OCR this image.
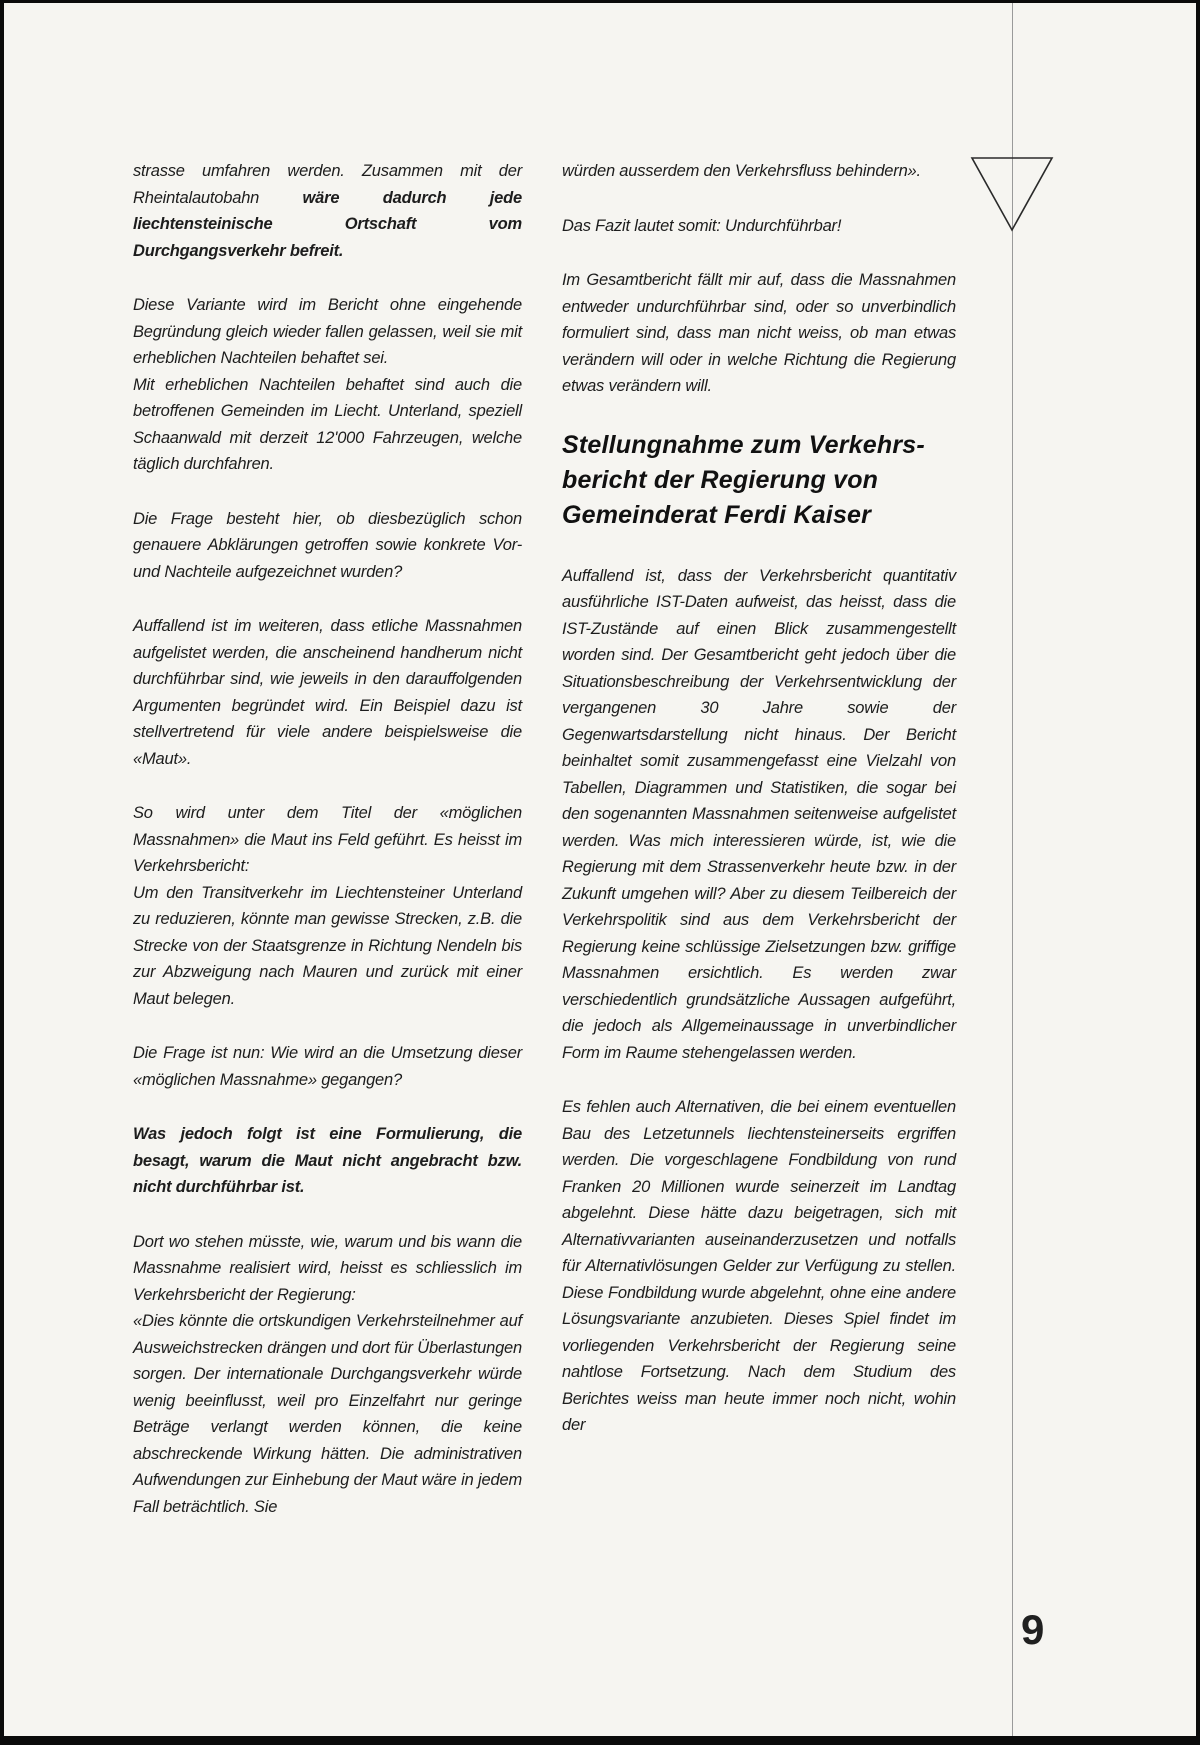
strasse umfahren werden. Zusammen mit der Rheintalautobahn wäre dadurch jede liechtensteinische Ortschaft vom Durchgangsverkehr befreit.

Diese Variante wird im Bericht ohne eingehende Begründung gleich wieder fallen gelassen, weil sie mit erheblichen Nachteilen behaftet sei.
Mit erheblichen Nachteilen behaftet sind auch die betroffenen Gemeinden im Liecht. Unterland, speziell Schaanwald mit derzeit 12'000 Fahrzeugen, welche täglich durchfahren.

Die Frage besteht hier, ob diesbezüglich schon genauere Abklärungen getroffen sowie konkrete Vor- und Nachteile aufgezeichnet wurden?

Auffallend ist im weiteren, dass etliche Massnahmen aufgelistet werden, die anscheinend handherum nicht durchführbar sind, wie jeweils in den darauffolgenden Argumenten begründet wird. Ein Beispiel dazu ist stellvertretend für viele andere beispielsweise die «Maut».

So wird unter dem Titel der «möglichen Massnahmen» die Maut ins Feld geführt. Es heisst im Verkehrsbericht:
Um den Transitverkehr im Liechtensteiner Unterland zu reduzieren, könnte man gewisse Strecken, z.B. die Strecke von der Staatsgrenze in Richtung Nendeln bis zur Abzweigung nach Mauren und zurück mit einer Maut belegen.

Die Frage ist nun: Wie wird an die Umsetzung dieser «möglichen Massnahme» gegangen?

Was jedoch folgt ist eine Formulierung, die besagt, warum die Maut nicht angebracht bzw. nicht durchführbar ist.

Dort wo stehen müsste, wie, warum und bis wann die Massnahme realisiert wird, heisst es schliesslich im Verkehrsbericht der Regierung:
«Dies könnte die ortskundigen Verkehrsteilnehmer auf Ausweichstrecken drängen und dort für Überlastungen sorgen. Der internationale Durchgangsverkehr würde wenig beeinflusst, weil pro Einzelfahrt nur geringe Beträge verlangt werden können, die keine abschreckende Wirkung hätten. Die administrativen Aufwendungen zur Einhebung der Maut wäre in jedem Fall beträchtlich. Sie

würden ausserdem den Verkehrsfluss behindern».

Das Fazit lautet somit: Undurchführbar!

Im Gesamtbericht fällt mir auf, dass die Massnahmen entweder undurchführbar sind, oder so unverbindlich formuliert sind, dass man nicht weiss, ob man etwas verändern will oder in welche Richtung die Regierung etwas verändern will.

Stellungnahme zum Verkehrs-
bericht der Regierung von
Gemeinderat Ferdi Kaiser

Auffallend ist, dass der Verkehrsbericht quantitativ ausführliche IST-Daten aufweist, das heisst, dass die IST-Zustände auf einen Blick zusammengestellt worden sind. Der Gesamtbericht geht jedoch über die Situationsbeschreibung der Verkehrsentwicklung der vergangenen 30 Jahre sowie der Gegenwartsdarstellung nicht hinaus. Der Bericht beinhaltet somit zusammengefasst eine Vielzahl von Tabellen, Diagrammen und Statistiken, die sogar bei den sogenannten Massnahmen seitenweise aufgelistet werden. Was mich interessieren würde, ist, wie die Regierung mit dem Strassenverkehr heute bzw. in der Zukunft umgehen will? Aber zu diesem Teilbereich der Verkehrspolitik sind aus dem Verkehrsbericht der Regierung keine schlüssige Zielsetzungen bzw. griffige Massnahmen ersichtlich. Es werden zwar verschiedentlich grundsätzliche Aussagen aufgeführt, die jedoch als Allgemeinaussage in unverbindlicher Form im Raume stehengelassen werden.

Es fehlen auch Alternativen, die bei einem eventuellen Bau des Letzetunnels liechtensteinerseits ergriffen werden. Die vorgeschlagene Fondbildung von rund Franken 20 Millionen wurde seinerzeit im Landtag abgelehnt. Diese hätte dazu beigetragen, sich mit Alternativvarianten auseinanderzusetzen und notfalls für Alternativlösungen Gelder zur Verfügung zu stellen. Diese Fondbildung wurde abgelehnt, ohne eine andere Lösungsvariante anzubieten. Dieses Spiel findet im vorliegenden Verkehrsbericht der Regierung seine nahtlose Fortsetzung. Nach dem Studium des Berichtes weiss man heute immer noch nicht, wohin der

9
